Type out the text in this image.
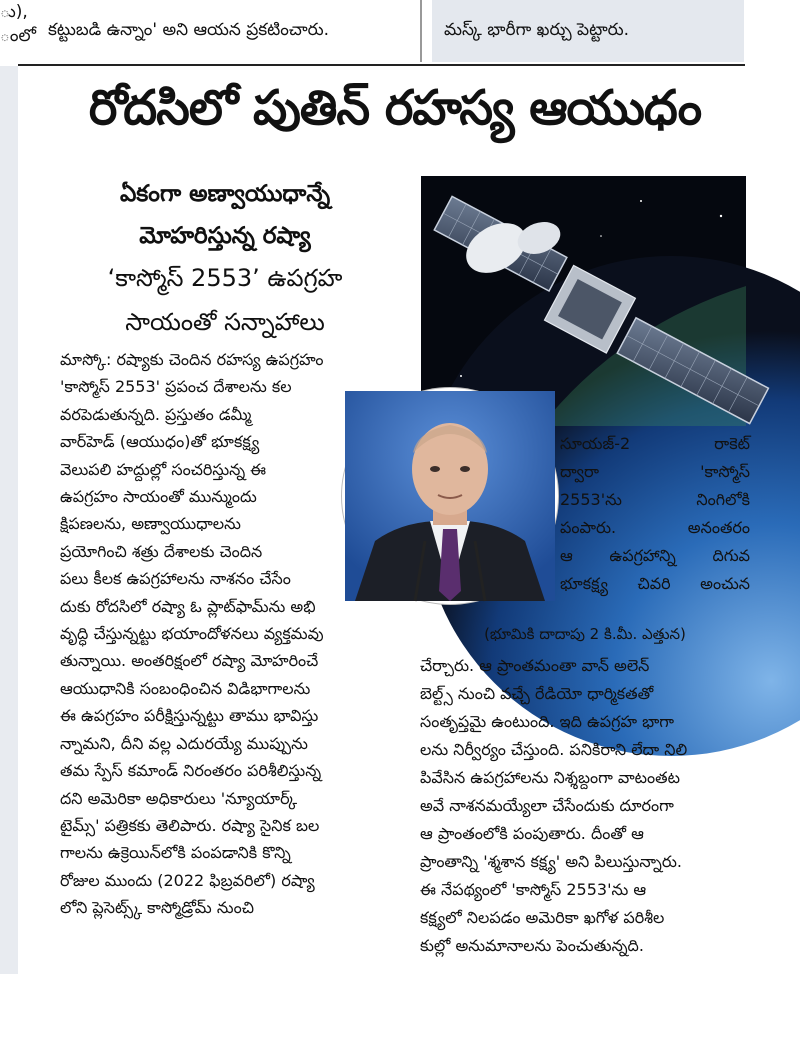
ు),
ంలో
కట్టుబడి ఉన్నాం' అని ఆయన ప్రకటించారు.
	మస్క్ భారీగా ఖర్చు పెట్టారు.
రోదసిలో పుతిన్ రహస్య ఆయుధం
ఏకంగా అణ్వాయుధాన్నే
మోహరిస్తున్న రష్యా
‘కాస్మోస్ 2553’ ఉపగ్రహ
సాయంతో సన్నాహాలు
మాస్కో: రష్యాకు చెందిన రహస్య ఉపగ్రహం
'కాస్మోస్ 2553' ప్రపంచ దేశాలను కల
వరపెడుతున్నది. ప్రస్తుతం డమ్మీ
వార్‌హెడ్ (ఆయుధం)తో భూకక్ష్య
వెలుపలి హద్దుల్లో సంచరిస్తున్న ఈ
ఉపగ్రహం సాయంతో మున్ముందు
క్షిపణలను, అణ్వాయుధాలను
ప్రయోగించి శత్రు దేశాలకు చెందిన
పలు కీలక ఉపగ్రహాలను నాశనం చేసేం
దుకు రోదసిలో రష్యా ఓ ప్లాట్‌ఫామ్‌ను అభి
వృద్ధి చేస్తున్నట్టు భయాందోళనలు వ్యక్తమవు
తున్నాయి. అంతరిక్షంలో రష్యా మోహరించే
ఆయుధానికి సంబంధించిన విడిభాగాలను
ఈ ఉపగ్రహం పరీక్షిస్తున్నట్టు తాము భావిస్తు
న్నామని, దీని వల్ల ఎదురయ్యే ముప్పును
తమ స్పేస్ కమాండ్ నిరంతరం పరిశీలిస్తున్న
దని అమెరికా అధికారులు 'న్యూయార్క్
టైమ్స్' పత్రికకు తెలిపారు. రష్యా సైనిక బల
గాలను ఉక్రెయిన్‌లోకి పంపడానికి కొన్ని
రోజుల ముందు (2022 ఫిబ్రవరిలో) రష్యా
లోని ప్లెసెట్స్క్ కాస్మోడ్రోమ్ నుంచి
సూయజ్-2 రాకెట్
ద్వారా 'కాస్మోస్
2553'ను నింగిలోకి
పంపారు. అనంతరం
ఆ ఉపగ్రహాన్ని దిగువ
భూకక్ష్య చివరి అంచున
(భూమికి దాదాపు 2 కి.మీ. ఎత్తున)
చేర్చారు. ఆ ప్రాంతమంతా వాన్ అలెన్
బెల్ట్స్ నుంచి వచ్చే రేడియో ధార్మికతతో
సంతృప్తమై ఉంటుంది. ఇది ఉపగ్రహ భాగా
లను నిర్వీర్యం చేస్తుంది. పనికిరాని లేదా నిలి
పివేసిన ఉపగ్రహాలను నిశ్శబ్దంగా వాటంతట
అవే నాశనమయ్యేలా చేసేందుకు దూరంగా
ఆ ప్రాంతంలోకి పంపుతారు. దీంతో ఆ
ప్రాంతాన్ని 'శ్మశాన కక్ష్య' అని పిలుస్తున్నారు.
ఈ నేపథ్యంలో 'కాస్మోస్ 2553'ను ఆ
కక్ష్యలో నిలపడం అమెరికా ఖగోళ పరిశీల
కుల్లో అనుమానాలను పెంచుతున్నది.
